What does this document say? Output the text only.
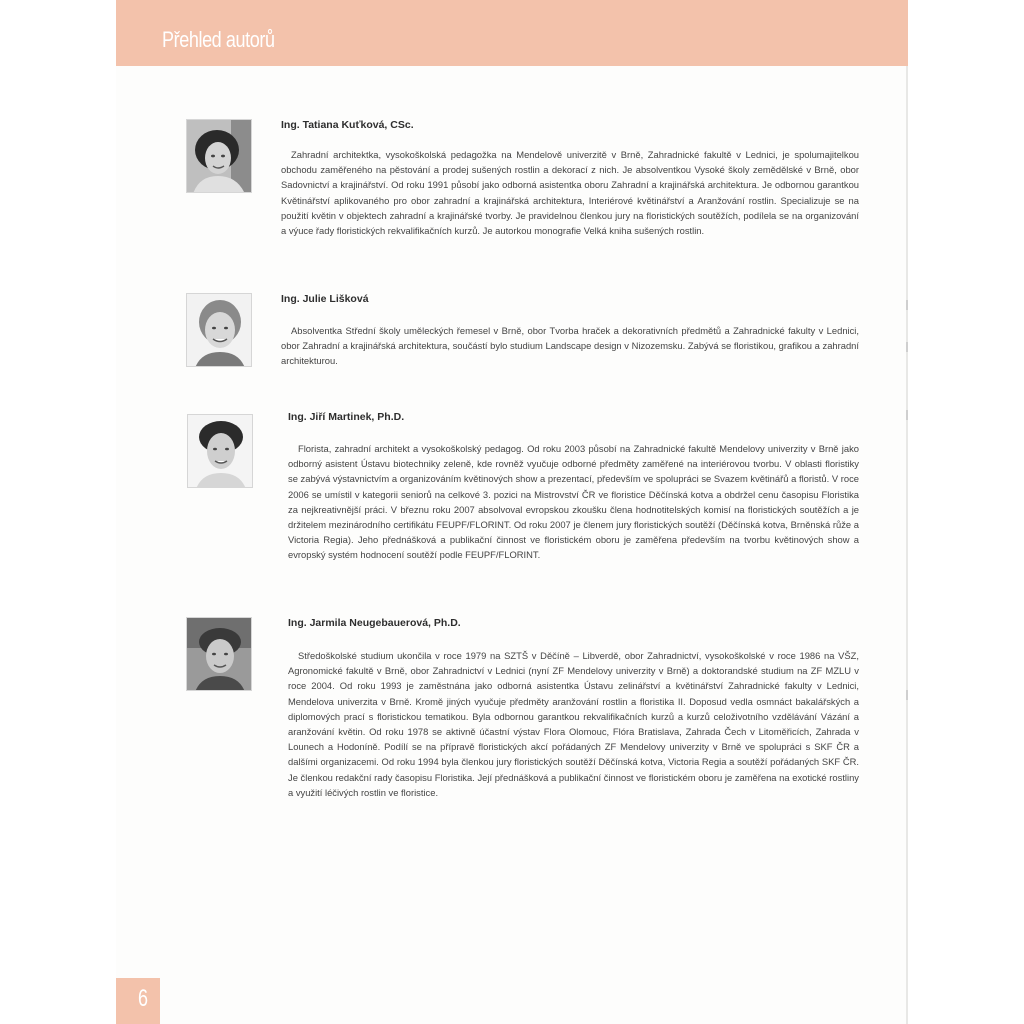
Přehled autorů
Ing. Tatiana Kuťková, CSc.

Zahradní architektka, vysokoškolská pedagožka na Mendelově univerzitě v Brně, Zahradnické fakultě v Lednici, je spolumajitelkou obchodu zaměřeného na pěstování a prodej sušených rostlin a dekorací z nich. Je absolventkou Vysoké školy zemědělské v Brně, obor Sadovnictví a krajinářství. Od roku 1991 působí jako odborná asistentka oboru Zahradní a krajinářská architektura. Je odbornou garantkou Květinářství aplikovaného pro obor zahradní a krajinářská architektura, Interiérové květinářství a Aranžování rostlin. Specializuje se na použití květin v objektech zahradní a krajinářské tvorby. Je pravidelnou členkou jury na floristických soutěžích, podílela se na organizování a výuce řady floristických rekvalifikačních kurzů. Je autorkou monografie Velká kniha sušených rostlin.

Ing. Julie Lišková

Absolventka Střední školy uměleckých řemesel v Brně, obor Tvorba hraček a dekorativních předmětů a Zahradnické fakulty v Lednici, obor Zahradní a krajinářská architektura, součástí bylo studium Landscape design v Nizozemsku. Zabývá se floristikou, grafikou a zahradní architekturou.

Ing. Jiří Martinek, Ph.D.

Florista, zahradní architekt a vysokoškolský pedagog. Od roku 2003 působí na Zahradnické fakultě Mendelovy univerzity v Brně jako odborný asistent Ústavu biotechniky zeleně, kde rovněž vyučuje odborné předměty zaměřené na interiérovou tvorbu. V oblasti floristiky se zabývá výstavnictvím a organizováním květinových show a prezentací, především ve spolupráci se Svazem květinářů a floristů. V roce 2006 se umístil v kategorii seniorů na celkové 3. pozici na Mistrovství ČR ve floristice Děčínská kotva a obdržel cenu časopisu Floristika za nejkreativnější práci. V březnu roku 2007 absolvoval evropskou zkoušku člena hodnotitelských komisí na floristických soutěžích a je držitelem mezinárodního certifikátu FEUPF/FLORINT. Od roku 2007 je členem jury floristických soutěží (Děčínská kotva, Brněnská růže a Victoria Regia). Jeho přednášková a publikační činnost ve floristickém oboru je zaměřena především na tvorbu květinových show a evropský systém hodnocení soutěží podle FEUPF/FLORINT.

Ing. Jarmila Neugebauerová, Ph.D.

Středoškolské studium ukončila v roce 1979 na SZTŠ v Děčíně – Libverdě, obor Zahradnictví, vysokoškolské v roce 1986 na VŠZ, Agronomické fakultě v Brně, obor Zahradnictví v Lednici (nyní ZF Mendelovy univerzity v Brně) a doktorandské studium na ZF MZLU v roce 2004. Od roku 1993 je zaměstnána jako odborná asistentka Ústavu zelinářství a květinářství Zahradnické fakulty v Lednici, Mendelova univerzita v Brně. Kromě jiných vyučuje předměty aranžování rostlin a floristika II. Doposud vedla osmnáct bakalářských a diplomových prací s floristickou tematikou. Byla odbornou garantkou rekvalifikačních kurzů a kurzů celoživotního vzdělávání Vázání a aranžování květin. Od roku 1978 se aktivně účastní výstav Flora Olomouc, Flóra Bratislava, Zahrada Čech v Litoměřicích, Zahrada v Lounech a Hodoníně. Podílí se na přípravě floristických akcí pořádaných ZF Mendelovy univerzity v Brně ve spolupráci s SKF ČR a dalšími organizacemi. Od roku 1994 byla členkou jury floristických soutěží Děčínská kotva, Victoria Regia a soutěží pořádaných SKF ČR. Je členkou redakční rady časopisu Floristika. Její přednášková a publikační činnost ve floristickém oboru je zaměřena na exotické rostliny a využití léčivých rostlin ve floristice.

6
